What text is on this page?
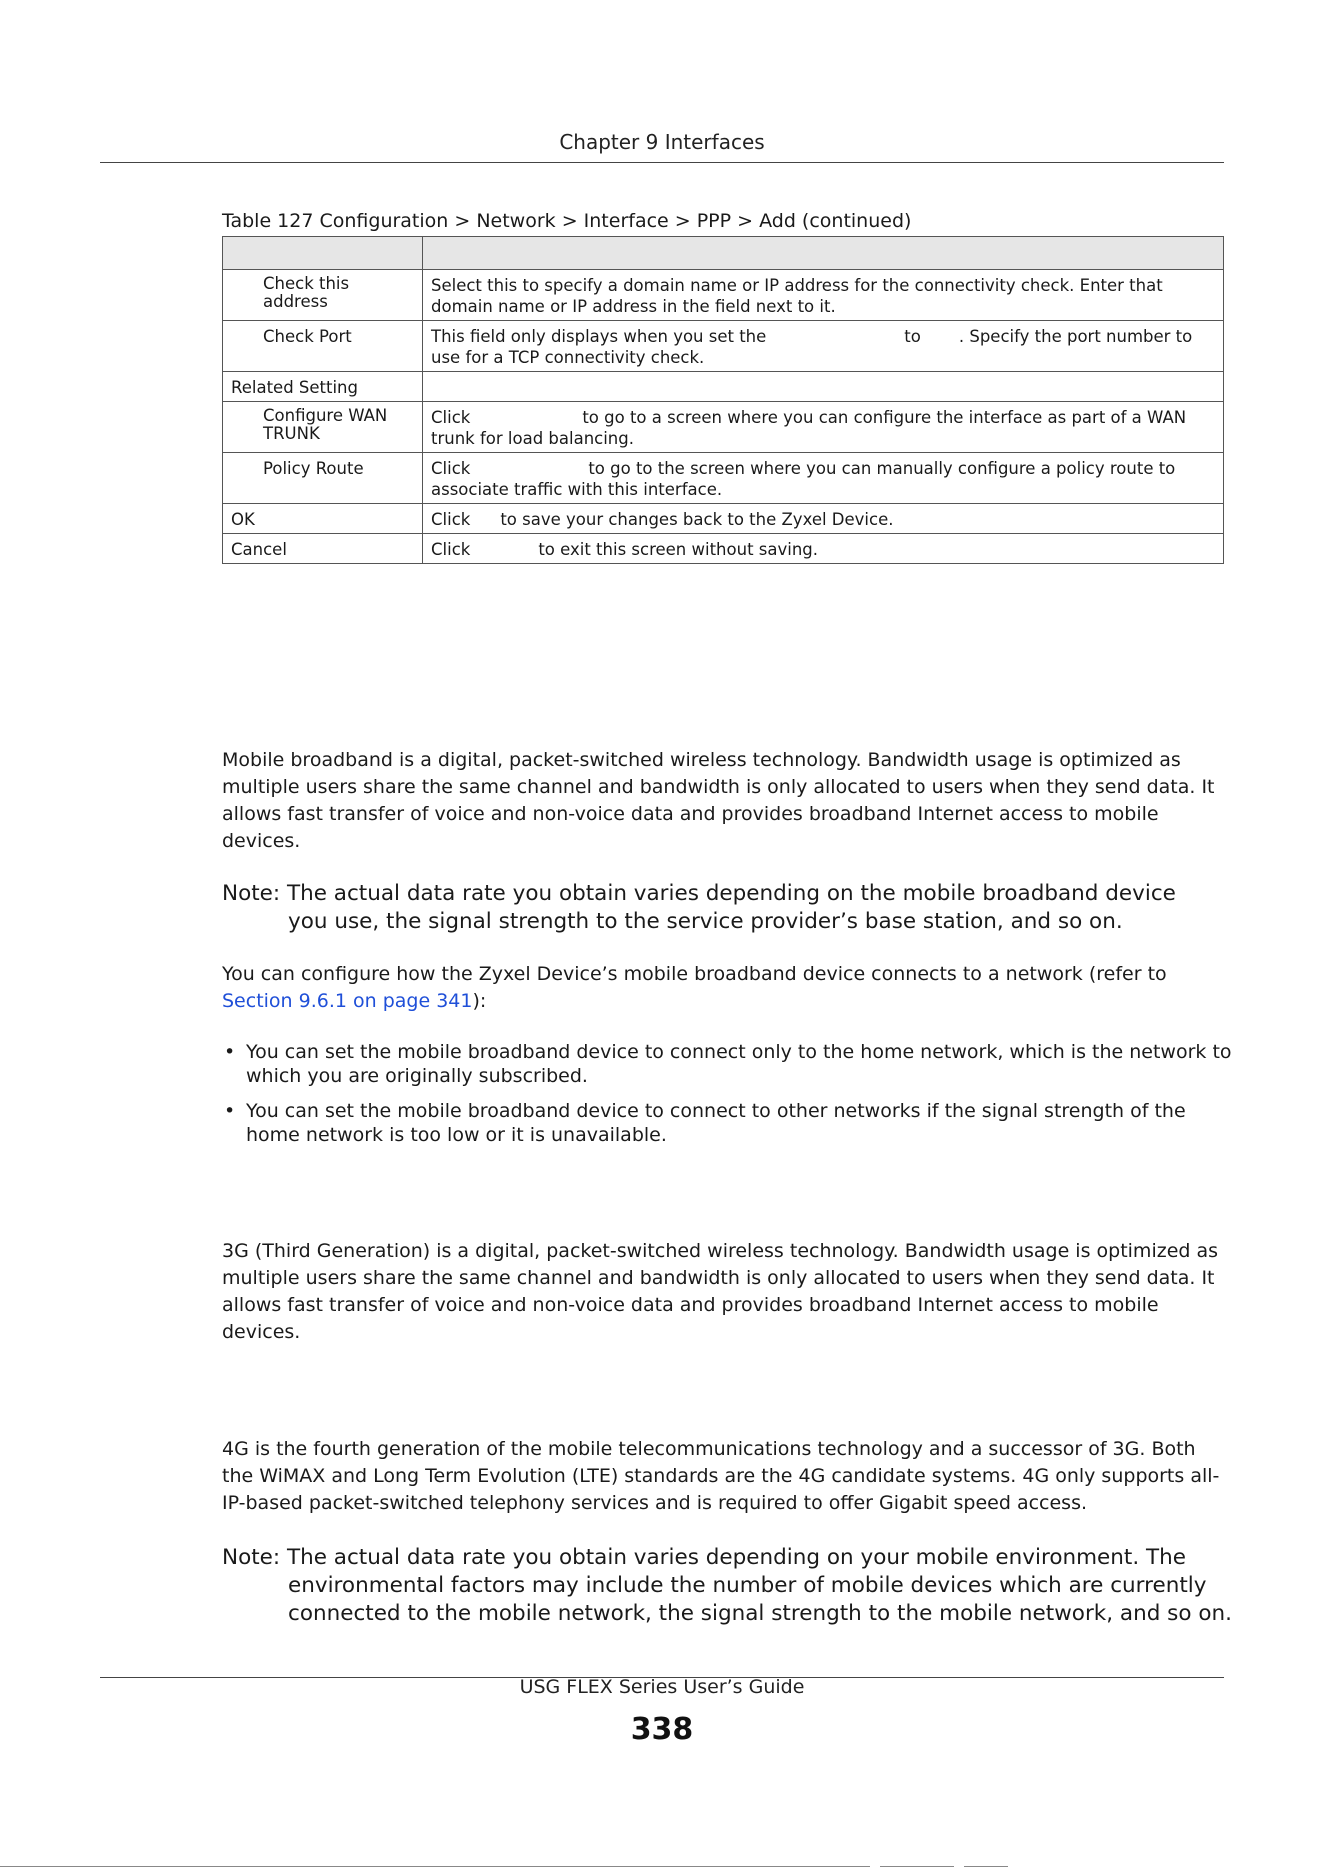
Chapter 9 Interfaces
Table 127 Configuration > Network > Interface > PPP > Add (continued)

Check this address	Select this to specify a domain name or IP address for the connectivity check. Enter that domain name or IP address in the field next to it.
Check Port	This field only displays when you set the to . Specify the port number to use for a TCP connectivity check.
Related Setting	
Configure WAN TRUNK	Click to go to a screen where you can configure the interface as part of a WAN trunk for load balancing.
Policy Route	Click to go to the screen where you can manually configure a policy route to associate traffic with this interface.
OK	Click to save your changes back to the Zyxel Device.
Cancel	Click to exit this screen without saving.
Mobile broadband is a digital, packet-switched wireless technology. Bandwidth usage is optimized as multiple users share the same channel and bandwidth is only allocated to users when they send data. It allows fast transfer of voice and non-voice data and provides broadband Internet access to mobile devices.
Note: The actual data rate you obtain varies depending on the mobile broadband device
you use, the signal strength to the service provider’s base station, and so on.
You can configure how the Zyxel Device’s mobile broadband device connects to a network (refer to Section 9.6.1 on page 341):
• You can set the mobile broadband device to connect only to the home network, which is the network to which you are originally subscribed.
• You can set the mobile broadband device to connect to other networks if the signal strength of the home network is too low or it is unavailable.
3G (Third Generation) is a digital, packet-switched wireless technology. Bandwidth usage is optimized as multiple users share the same channel and bandwidth is only allocated to users when they send data. It allows fast transfer of voice and non-voice data and provides broadband Internet access to mobile devices.
4G is the fourth generation of the mobile telecommunications technology and a successor of 3G. Both the WiMAX and Long Term Evolution (LTE) standards are the 4G candidate systems. 4G only supports all-IP-based packet-switched telephony services and is required to offer Gigabit speed access.
Note: The actual data rate you obtain varies depending on your mobile environment. The
environmental factors may include the number of mobile devices which are currently
connected to the mobile network, the signal strength to the mobile network, and so on.
USG FLEX Series User’s Guide
338
